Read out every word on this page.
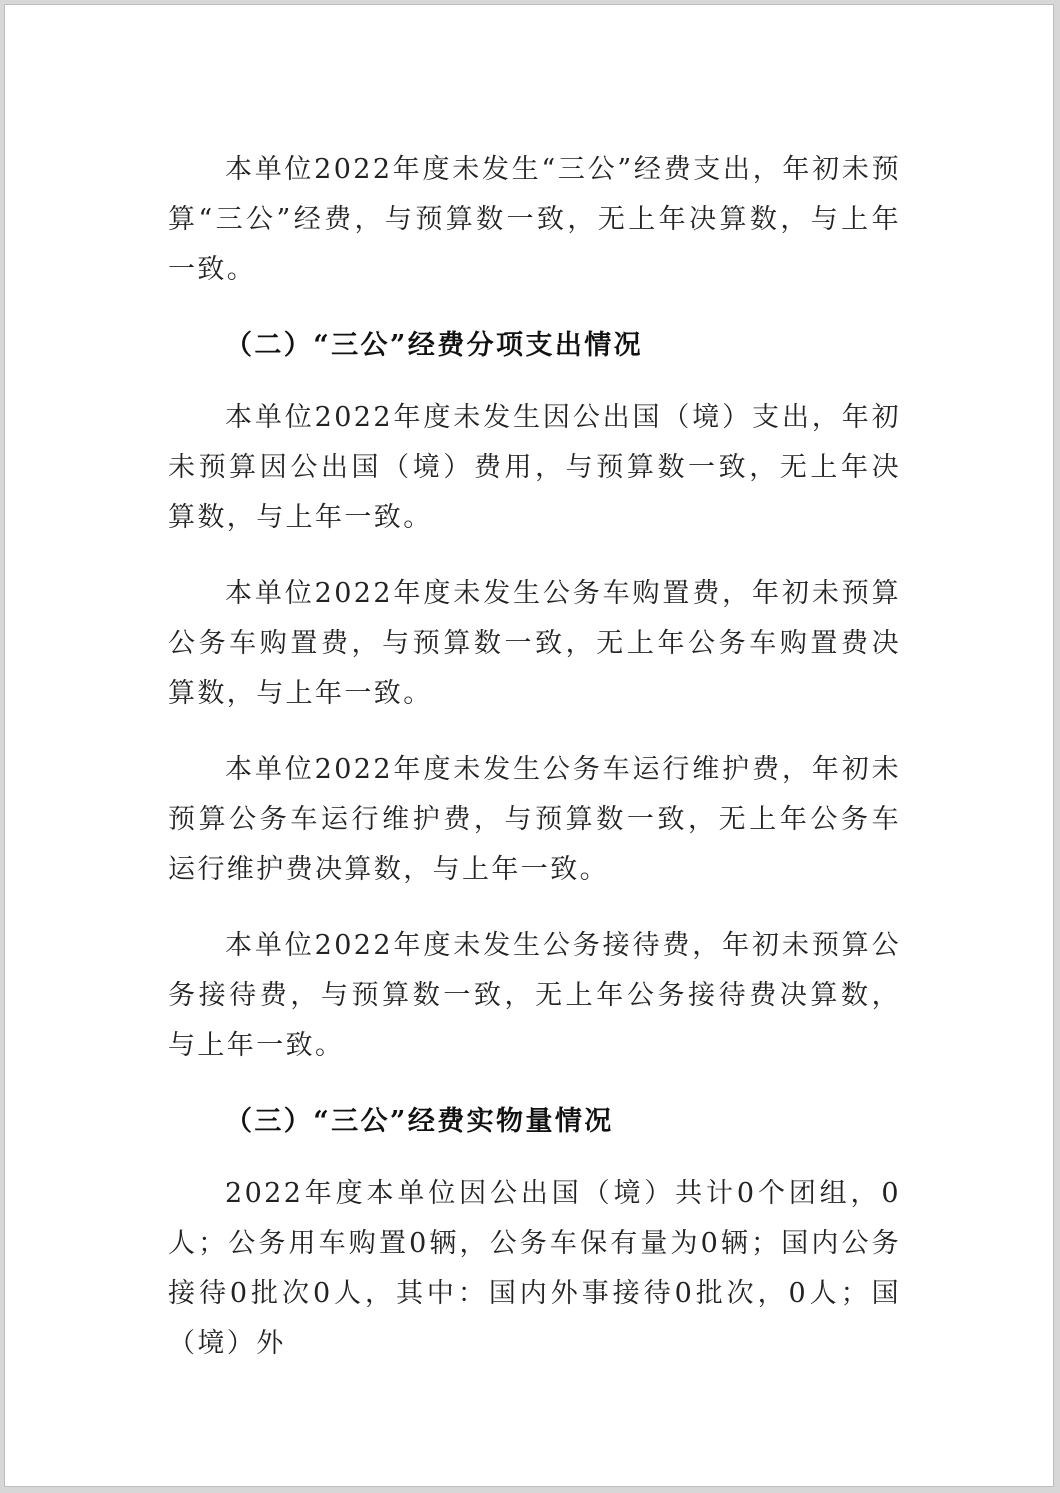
本单位2022年度未发生“三公”经费支出，年初未预算“三公”经费，与预算数一致，无上年决算数，与上年一致。

（二）“三公”经费分项支出情况

本单位2022年度未发生因公出国（境）支出，年初未预算因公出国（境）费用，与预算数一致，无上年决算数，与上年一致。

本单位2022年度未发生公务车购置费，年初未预算公务车购置费，与预算数一致，无上年公务车购置费决算数，与上年一致。

本单位2022年度未发生公务车运行维护费，年初未预算公务车运行维护费，与预算数一致，无上年公务车运行维护费决算数，与上年一致。

本单位2022年度未发生公务接待费，年初未预算公务接待费，与预算数一致，无上年公务接待费决算数，与上年一致。

（三）“三公”经费实物量情况

2022年度本单位因公出国（境）共计0个团组，0人；公务用车购置0辆，公务车保有量为0辆；国内公务接待0批次0人，其中：国内外事接待0批次，0人；国（境）外
